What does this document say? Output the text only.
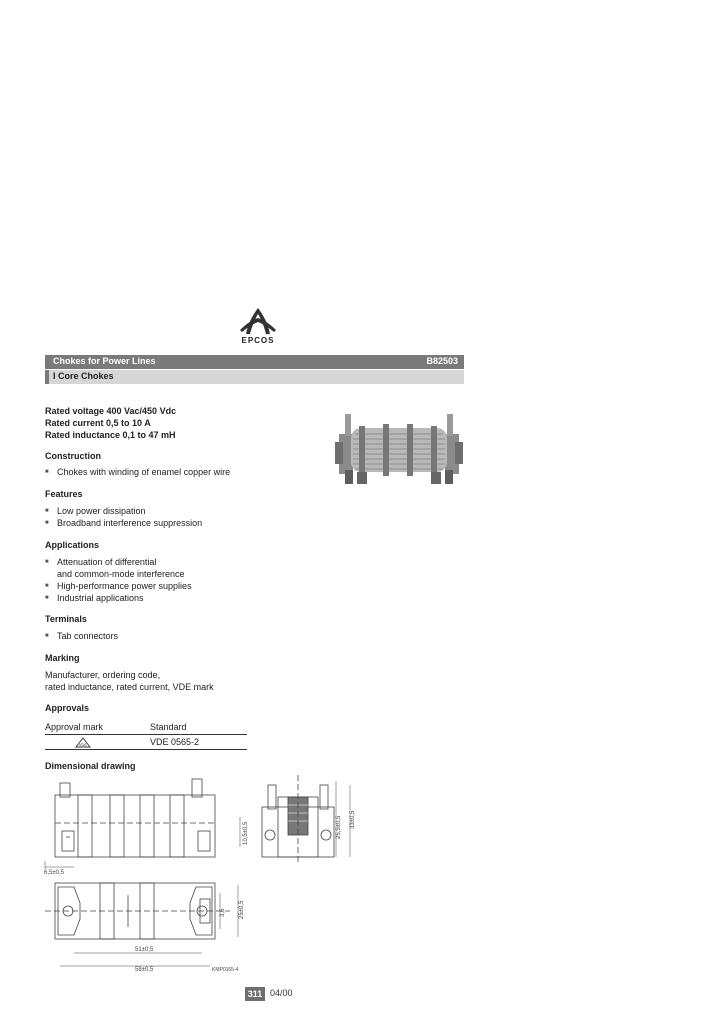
EPCOS
Chokes for Power Lines	B82503
I Core Chokes
Rated voltage 400 Vac/450 Vdc
Rated current 0,5 to 10 A
Rated inductance 0,1 to 47 mH
Construction
■ Chokes with winding of enamel copper wire
Features
■ Low power dissipation
■ Broadband interference suppression
Applications
■ Attenuation of differential
and common-mode interference
■ High-performance power supplies
■ Industrial applications
Terminals
■ Tab connectors
Marking
Manufacturer, ordering code,
rated inductance, rated current, VDE mark
Approvals
Approval mark	Standard
VDE	VDE 0565-2
Dimensional drawing
6,5±0,5
10,5±0,5	25,5±0,5 33±0,5
3,6 25±0,5
51±0,5
58±0,5	KMP0165-4
311 04/00
